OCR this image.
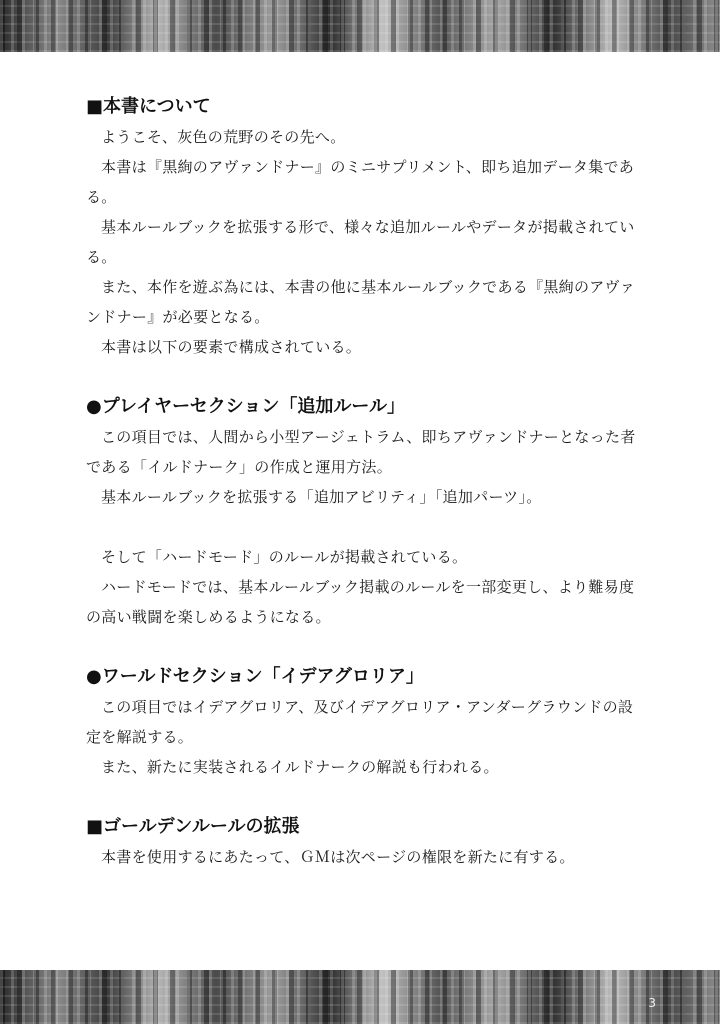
■本書について

ようこそ、灰色の荒野のその先へ。

本書は『黒絢のアヴァンドナー』のミニサプリメント、即ち追加データ集である。

基本ルールブックを拡張する形で、様々な追加ルールやデータが掲載されている。

また、本作を遊ぶ為には、本書の他に基本ルールブックである『黒絢のアヴァンドナー』が必要となる。

本書は以下の要素で構成されている。

●プレイヤーセクション「追加ルール」

この項目では、人間から小型アージェトラム、即ちアヴァンドナーとなった者である「イルドナーク」の作成と運用方法。

基本ルールブックを拡張する「追加アビリティ」「追加パーツ」。

そして「ハードモード」のルールが掲載されている。

ハードモードでは、基本ルールブック掲載のルールを一部変更し、より難易度の高い戦闘を楽しめるようになる。

●ワールドセクション「イデアグロリア」

この項目ではイデアグロリア、及びイデアグロリア・アンダーグラウンドの設定を解説する。

また、新たに実装されるイルドナークの解説も行われる。

■ゴールデンルールの拡張

本書を使用するにあたって、ＧＭは次ページの権限を新たに有する。

3
